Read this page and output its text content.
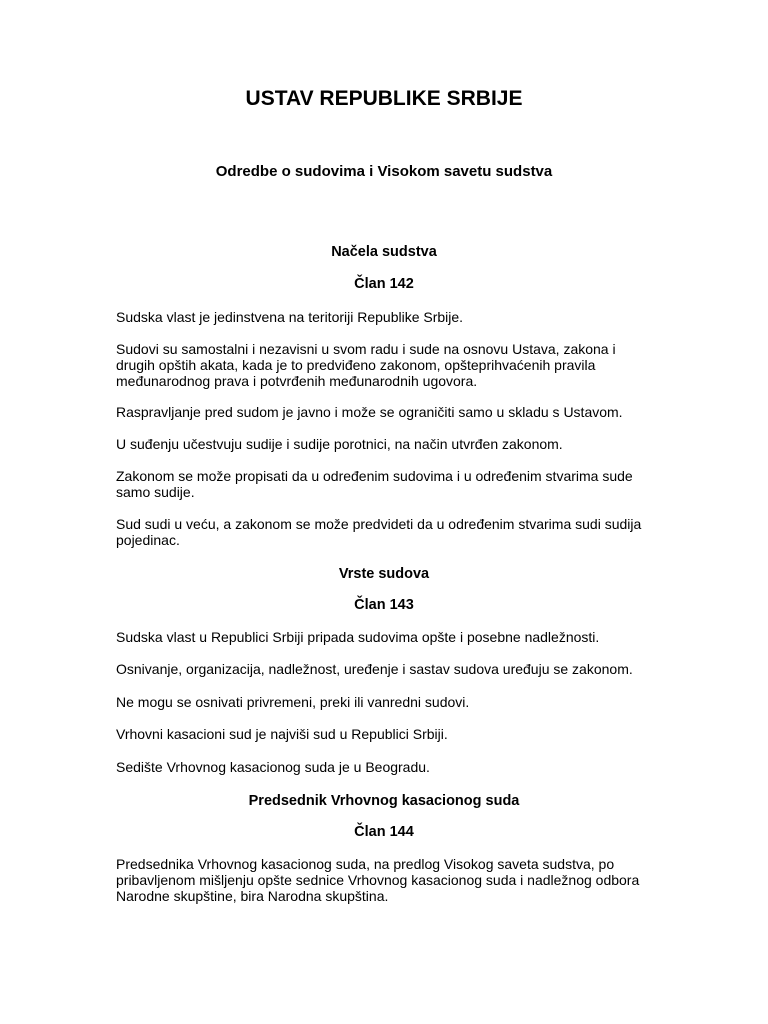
USTAV REPUBLIKE SRBIJE
Odredbe o sudovima i Visokom savetu sudstva
Načela sudstva
Član 142
Sudska vlast je jedinstvena na teritoriji Republike Srbije.
Sudovi su samostalni i nezavisni u svom radu i sude na osnovu Ustava, zakona i drugih opštih akata, kada je to predviđeno zakonom, opšteprihvaćenih pravila međunarodnog prava i potvrđenih međunarodnih ugovora.
Raspravljanje pred sudom je javno i može se ograničiti samo u skladu s Ustavom.
U suđenju učestvuju sudije i sudije porotnici, na način utvrđen zakonom.
Zakonom se može propisati da u određenim sudovima i u određenim stvarima sude samo sudije.
Sud sudi u veću, a zakonom se može predvideti da u određenim stvarima sudi sudija pojedinac.
Vrste sudova
Član 143
Sudska vlast u Republici Srbiji pripada sudovima opšte i posebne nadležnosti.
Osnivanje, organizacija, nadležnost, uređenje i sastav sudova uređuju se zakonom.
Ne mogu se osnivati privremeni, preki ili vanredni sudovi.
Vrhovni kasacioni sud je najviši sud u Republici Srbiji.
Sedište Vrhovnog kasacionog suda je u Beogradu.
Predsednik Vrhovnog kasacionog suda
Član 144
Predsednika Vrhovnog kasacionog suda, na predlog Visokog saveta sudstva, po pribavljenom mišljenju opšte sednice Vrhovnog kasacionog suda i nadležnog odbora Narodne skupštine, bira Narodna skupština.
